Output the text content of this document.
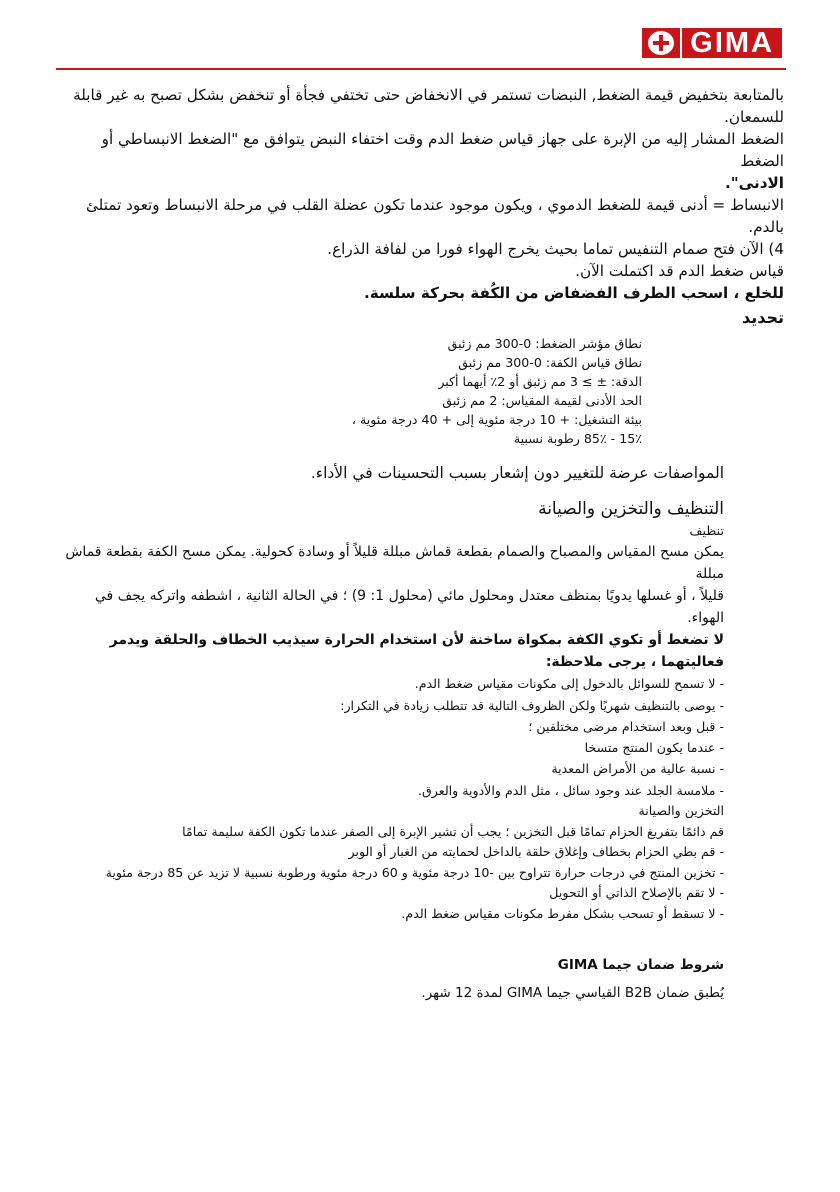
GIMA

بالمتابعة بتخفيض قيمة الضغط, النبضات تستمر في الانخفاض حتى تختفي فجأة أو تنخفض بشكل تصبح به غير قابلة

للسمعان.

الضغط المشار إليه من الإبرة على جهاز قياس ضغط الدم وقت اختفاء النبض يتوافق مع "الضغط الانبساطي أو الضغط

الادنى".

الانبساط = أدنى قيمة للضغط الدموي ، ويكون موجود عندما تكون عضلة القلب في مرحلة الانبساط وتعود تمتلئ بالدم.

4) الآن فتح صمام التنفيس تماما بحيث يخرج الهواء فورا من لفافة الذراع.

قياس ضغط الدم قد اكتملت الآن.

للخلع ، اسحب الطرف الفضفاض من الكُفة بحركة سلسة.

تحديد

نطاق مؤشر الضغط: 0-300 مم زئبق

نطاق قياس الكفة: 0-300 مم زئبق

الدقة: ± ≥ 3 مم زئبق أو 2٪ أيهما أكبر

الحد الأدنى لقيمة المقياس: 2 مم زئبق

بيئة التشغيل: + 10 درجة مئوية إلى + 40 درجة مئوية ،

15٪ - 85٪ رطوبة نسبية

المواصفات عرضة للتغيير دون إشعار بسبب التحسينات في الأداء.

التنظيف والتخزين والصيانة

تنظيف

يمكن مسح المقياس والمصباح والصمام بقطعة قماش مبللة قليلاً أو وسادة كحولية. يمكن مسح الكفة بقطعة قماش مبللة

قليلاً ، أو غسلها يدويًا بمنظف معتدل ومحلول مائي (محلول 1: 9) ؛ في الحالة الثانية ، اشطفه واتركه يجف في الهواء.

لا تضغط أو تكوي الكفة بمكواة ساخنة لأن استخدام الحرارة سيذيب الخطاف والحلقة ويدمر فعاليتهما ، يرجى ملاحظة:

- لا تسمح للسوائل بالدخول إلى مكونات مقياس ضغط الدم.

- يوصى بالتنظيف شهريًا ولكن الظروف التالية قد تتطلب زيادة في التكرار:

- قبل وبعد استخدام مرضى مختلفين ؛

- عندما يكون المنتج متسخا

- نسبة عالية من الأمراض المعدية

- ملامسة الجلد عند وجود سائل ، مثل الدم والأدوية والعرق.

التخزين والصيانة

قم دائمًا بتفريغ الحزام تمامًا قبل التخزين ؛ يجب أن تشير الإبرة إلى الصفر عندما تكون الكفة سليمة تمامًا

- قم بطي الحزام بخطاف وإغلاق حلقة بالداخل لحمايته من الغبار أو الوبر

- تخزين المنتج في درجات حرارة تتراوح بين -10 درجة مئوية و 60 درجة مئوية ورطوبة نسبية لا تزيد عن 85 درجة مئوية

- لا تقم بالإصلاح الذاتي أو التحويل

- لا تسقط أو تسحب بشكل مفرط مكونات مقياس ضغط الدم.

شروط ضمان جيما GIMA

يُطبق ضمان B2B القياسي جيما GIMA لمدة 12 شهر.
